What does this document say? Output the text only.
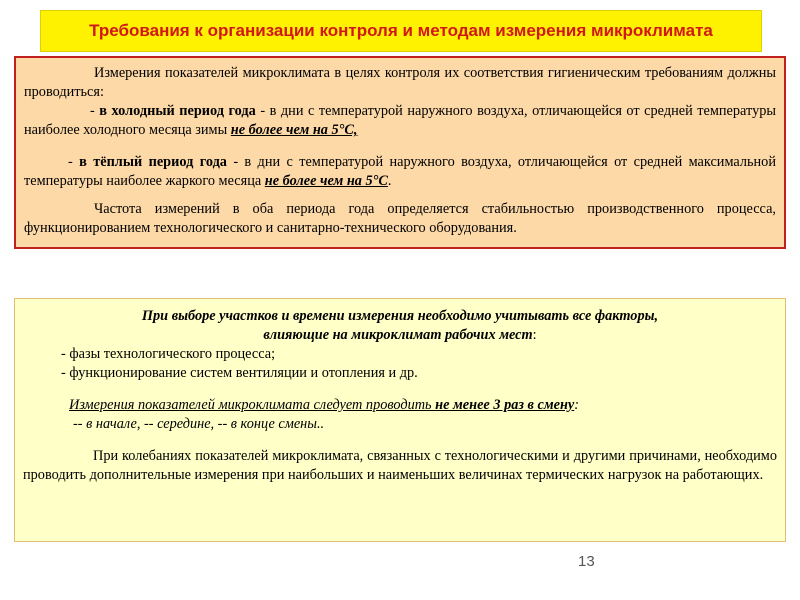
Требования к организации контроля и методам измерения микроклимата

Измерения показателей микроклимата в целях контроля их соответствия гигиеническим требованиям должны проводиться:

- в холодный период года - в дни с температурой наружного воздуха, отличающейся от средней температуры наиболее холодного месяца зимы не более чем на 5°С,

- в тёплый период года - в дни с температурой наружного воздуха, отличающейся от средней максимальной температуры наиболее жаркого месяца не более чем на 5°С.

Частота измерений в оба периода года определяется стабильностью производственного процесса, функционированием технологического и санитарно-технического оборудования.

При выборе участков и времени измерения необходимо учитывать все факторы,

влияющие на микроклимат рабочих мест:

- фазы технологического процесса;

- функционирование систем вентиляции и отопления и др.

Измерения показателей микроклимата следует проводить не менее 3 раз в смену:

-- в начале, -- середине, -- в конце смены..

При колебаниях показателей микроклимата, связанных с технологическими и другими причинами, необходимо проводить дополнительные измерения при наибольших и наименьших величинах термических нагрузок на работающих.

13
